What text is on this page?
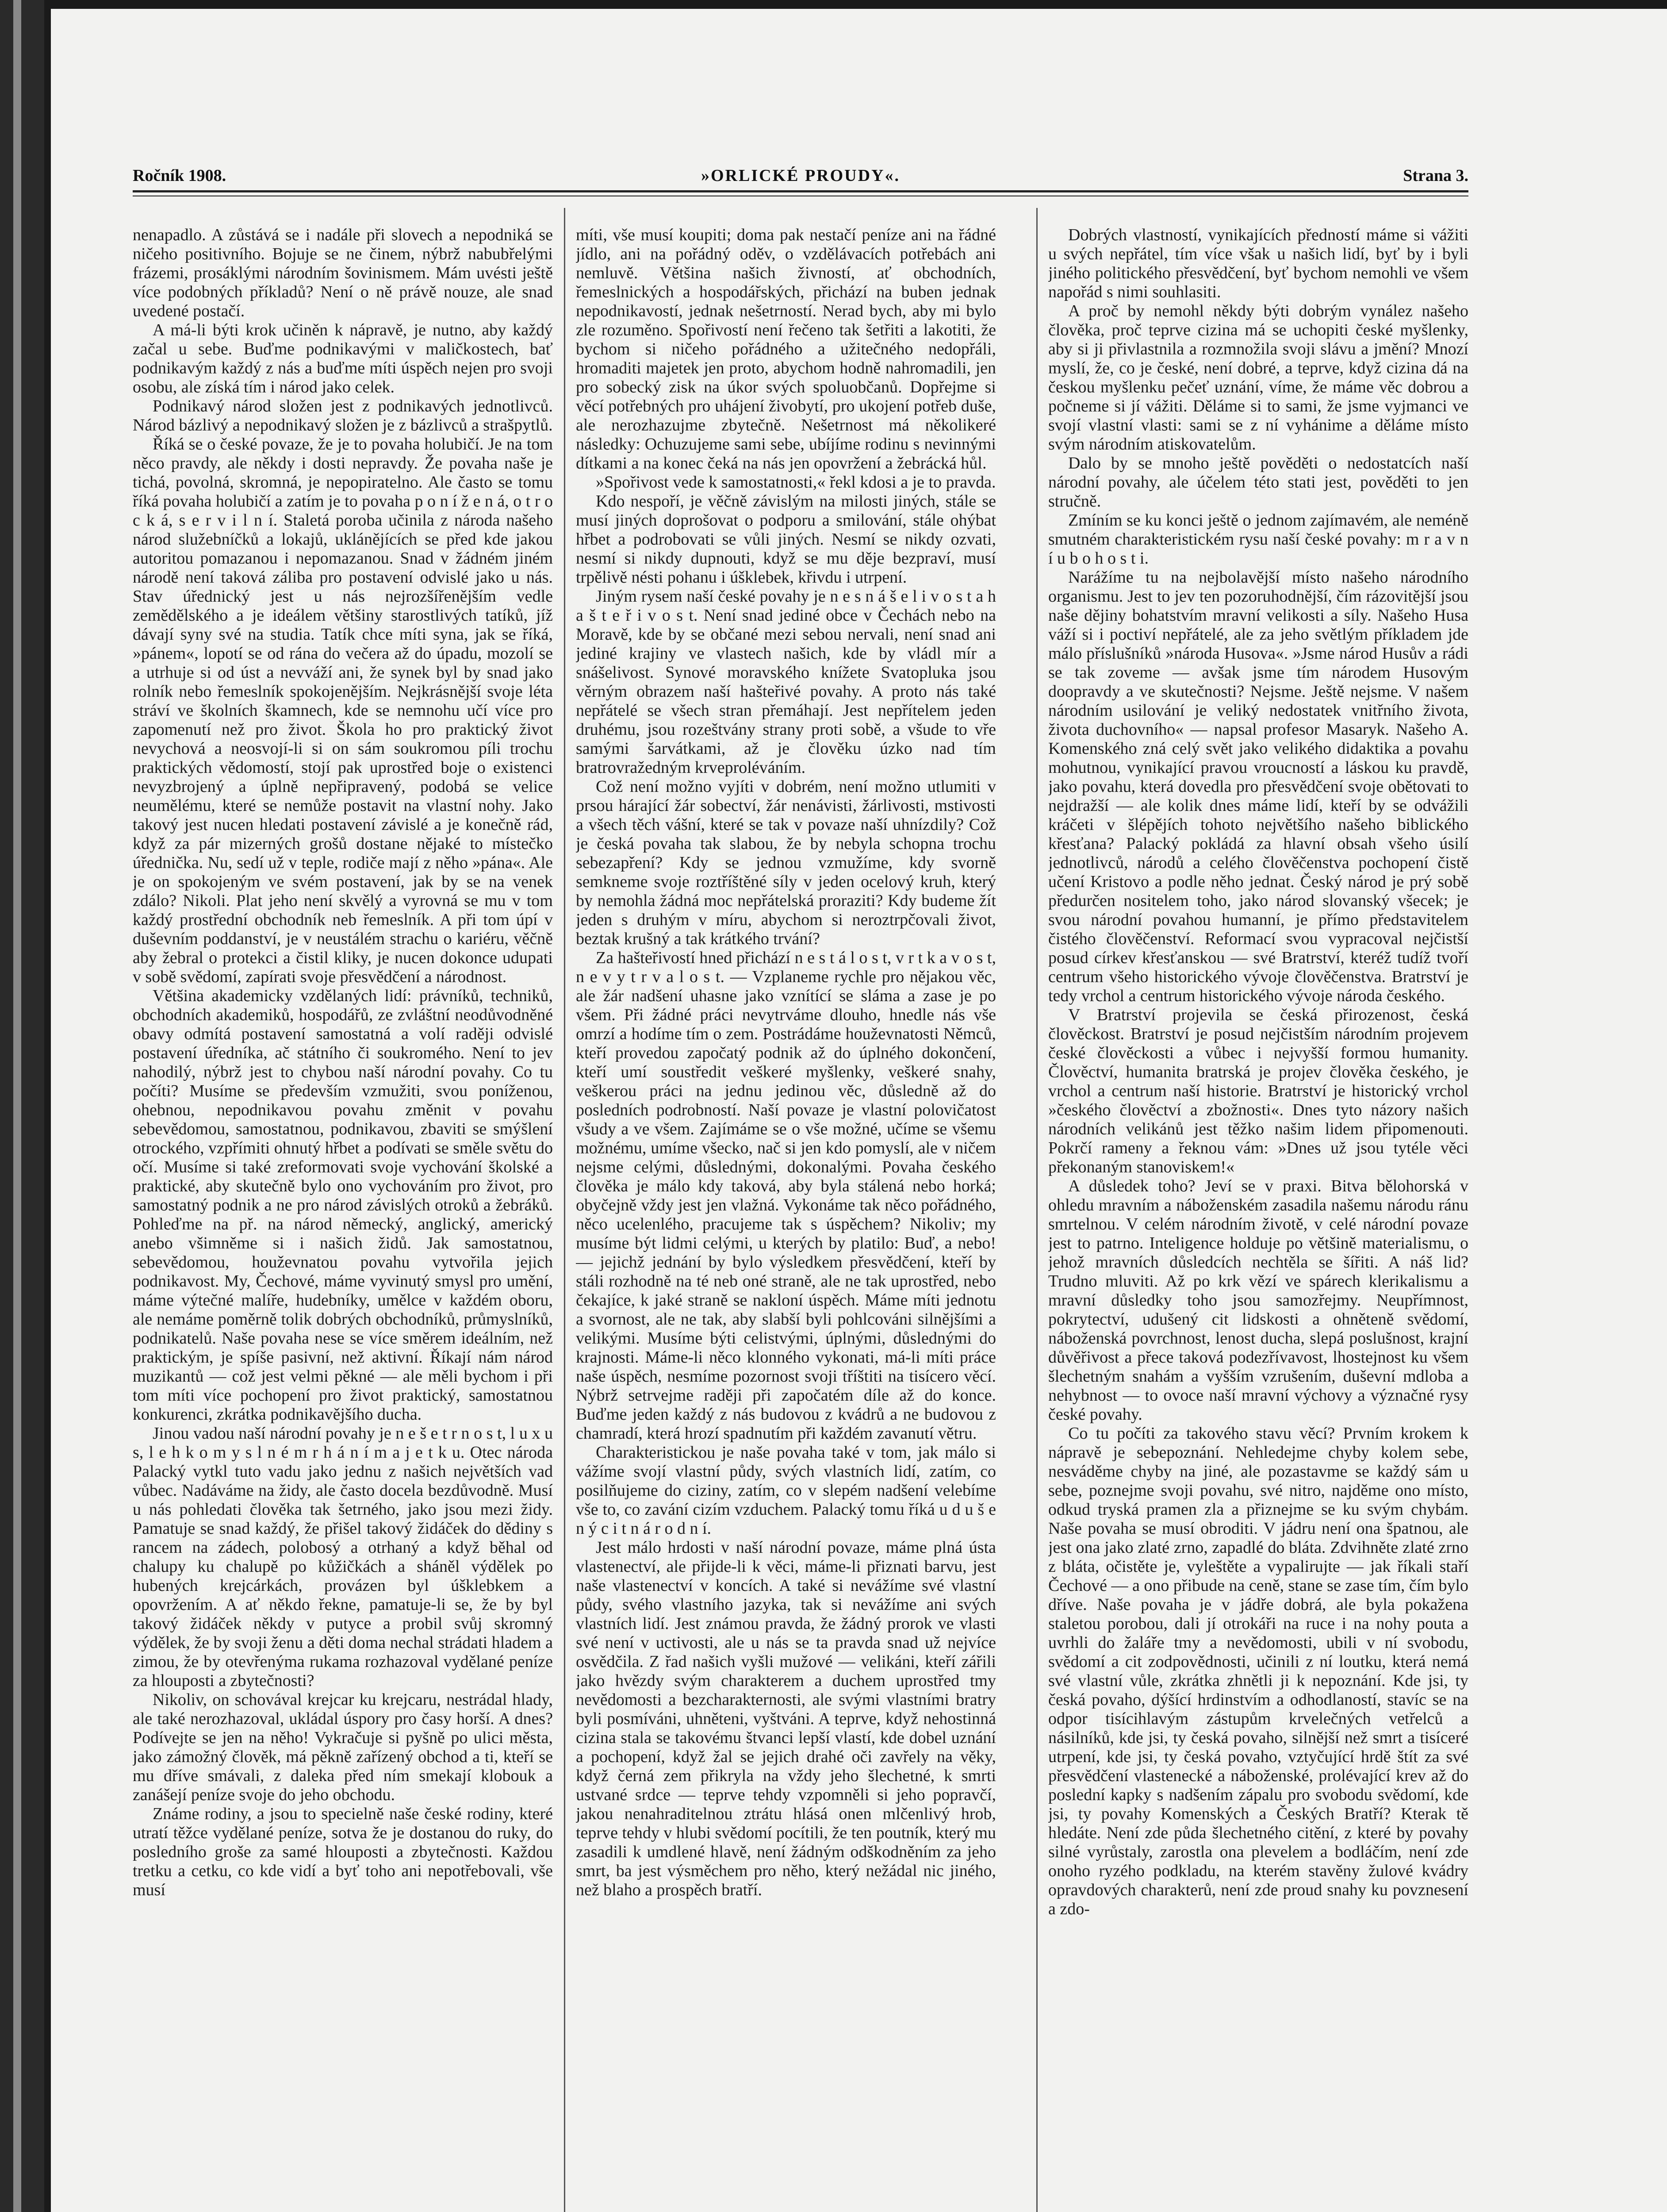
Ročník 1908.	»ORLICKÉ PROUDY«.	Strana 3.

nenapadlo. A zůstává se i nadále při slovech a nepodniká se ničeho positivního. Bojuje se ne činem, nýbrž nabubřelými frázemi, prosáklými národním šovinismem. Mám uvésti ještě více podobných příkladů? Není o ně právě nouze, ale snad uvedené postačí.

A má-li býti krok učiněn k nápravě, je nutno, aby každý začal u sebe. Buďme podnikavými v maličkostech, bať podnikavým každý z nás a buďme míti úspěch nejen pro svoji osobu, ale získá tím i národ jako celek.

Podnikavý národ složen jest z podnikavých jednotlivců. Národ bázlivý a nepodnikavý složen je z bázlivců a strašpytlů.

Říká se o české povaze, že je to povaha holubičí. Je na tom něco pravdy, ale někdy i dosti nepravdy. Že povaha naše je tichá, povolná, skromná, je nepopiratelno. Ale často se tomu říká povaha holubičí a zatím je to povaha p o n í ž e n á, o t r o c k á, s e r v i l n í. Staletá poroba učinila z národa našeho národ služebníčků a lokajů, uklánějících se před kde jakou autoritou pomazanou i nepomazanou. Snad v žádném jiném národě není taková záliba pro postavení odvislé jako u nás. Stav úřednický jest u nás nejrozšířenějším vedle zemědělského a je ideálem většiny starostlivých tatíků, jíž dávají syny své na studia. Tatík chce míti syna, jak se říká, »pánem«, lopotí se od rána do večera až do úpadu, mozolí se a utrhuje si od úst a nevváží ani, že synek byl by snad jako rolník nebo řemeslník spokojenějším. Nejkrásnější svoje léta stráví ve školních škamnech, kde se nemnohu učí více pro zapomenutí než pro život. Škola ho pro praktický život nevychová a neosvojí-li si on sám soukromou píli trochu praktických vědomostí, stojí pak uprostřed boje o existenci nevyzbrojený a úplně nepřipravený, podobá se velice neumělému, které se nemůže postavit na vlastní nohy. Jako takový jest nucen hledati postavení závislé a je konečně rád, když za pár mizerných grošů dostane nějaké to místečko úřednička. Nu, sedí už v teple, rodiče mají z něho »pána«. Ale je on spokojeným ve svém postavení, jak by se na venek zdálo? Nikoli. Plat jeho není skvělý a vyrovná se mu v tom každý prostřední obchodník neb řemeslník. A při tom úpí v duševním poddanství, je v neustálém strachu o kariéru, věčně aby žebral o protekci a čistil kliky, je nucen dokonce udupati v sobě svědomí, zapírati svoje přesvědčení a národnost.

Většina akademicky vzdělaných lidí: právníků, techniků, obchodních akademiků, hospodářů, ze zvláštní neodůvodněné obavy odmítá postavení samostatná a volí raději odvislé postavení úředníka, ač státního či soukromého. Není to jev nahodilý, nýbrž jest to chybou naší národní povahy. Co tu počíti? Musíme se především vzmužiti, svou poníženou, ohebnou, nepodnikavou povahu změnit v povahu sebevědomou, samostatnou, podnikavou, zbaviti se smýšlení otrockého, vzpřímiti ohnutý hřbet a podívati se směle světu do očí. Musíme si také zreformovati svoje vychování školské a praktické, aby skutečně bylo ono vychováním pro život, pro samostatný podnik a ne pro národ závislých otroků a žebráků. Pohleďme na př. na národ německý, anglický, americký anebo všimněme si i našich židů. Jak samostatnou, sebevědomou, houževnatou povahu vytvořila jejich podnikavost. My, Čechové, máme vyvinutý smysl pro umění, máme výtečné malíře, hudebníky, umělce v každém oboru, ale nemáme poměrně tolik dobrých obchodníků, průmyslníků, podnikatelů. Naše povaha nese se více směrem ideálním, než praktickým, je spíše pasivní, než aktivní. Říkají nám národ muzikantů — což jest velmi pěkné — ale měli bychom i při tom míti více pochopení pro život praktický, samostatnou konkurenci, zkrátka podnikavějšího ducha.

Jinou vadou naší národní povahy je n e š e t r n o s t, l u x u s, l e h k o m y s l n é m r h á n í m a j e t k u. Otec národa Palacký vytkl tuto vadu jako jednu z našich největších vad vůbec. Nadáváme na židy, ale často docela bezdůvodně. Musí u nás pohledati člověka tak šetrného, jako jsou mezi židy. Pamatuje se snad každý, že přišel takový židáček do dědiny s rancem na zádech, polobosý a otrhaný a když běhal od chalupy ku chalupě po kůžičkách a sháněl výdělek po hubených krejcárkách, provázen byl úšklebkem a opovržením. A ať někdo řekne, pamatuje-li se, že by byl takový židáček někdy v putyce a probil svůj skromný výdělek, že by svoji ženu a děti doma nechal strádati hladem a zimou, že by otevřenýma rukama rozhazoval vydělané peníze za hlouposti a zbytečnosti?

Nikoliv, on schovával krejcar ku krejcaru, nestrádal hlady, ale také nerozhazoval, ukládal úspory pro časy horší. A dnes? Podívejte se jen na něho! Vykračuje si pyšně po ulici města, jako zámožný člověk, má pěkně zařízený obchod a ti, kteří se mu dříve smávali, z daleka před ním smekají klobouk a zanášejí peníze svoje do jeho obchodu.

Známe rodiny, a jsou to specielně naše české rodiny, které utratí těžce vydělané peníze, sotva že je dostanou do ruky, do posledního groše za samé hlouposti a zbytečnosti. Každou tretku a cetku, co kde vidí a byť toho ani nepotřebovali, vše musí

míti, vše musí koupiti; doma pak nestačí peníze ani na řádné jídlo, ani na pořádný oděv, o vzdělávacích potřebách ani nemluvě. Většina našich živností, ať obchodních, řemeslnických a hospodářských, přichází na buben jednak nepodnikavostí, jednak nešetrností. Nerad bych, aby mi bylo zle rozuměno. Spořivostí není řečeno tak šetřiti a lakotiti, že bychom si ničeho pořádného a užitečného nedopřáli, hromaditi majetek jen proto, abychom hodně nahromadili, jen pro sobecký zisk na úkor svých spoluobčanů. Dopřejme si věcí potřebných pro uhájení živobytí, pro ukojení potřeb duše, ale nerozhazujme zbytečně. Nešetrnost má několikeré následky: Ochuzujeme sami sebe, ubíjíme rodinu s nevinnými dítkami a na konec čeká na nás jen opovržení a žebrácká hůl.

»Spořivost vede k samostatnosti,« řekl kdosi a je to pravda.

Kdo nespoří, je věčně závislým na milosti jiných, stále se musí jiných doprošovat o podporu a smilování, stále ohýbat hřbet a podrobovati se vůli jiných. Nesmí se nikdy ozvati, nesmí si nikdy dupnouti, když se mu děje bezpraví, musí trpělivě nésti pohanu i úšklebek, křivdu i utrpení.

Jiným rysem naší české povahy je n e s n á š e l i v o s t a h a š t e ř i v o s t. Není snad jediné obce v Čechách nebo na Moravě, kde by se občané mezi sebou nervali, není snad ani jediné krajiny ve vlastech našich, kde by vládl mír a snášelivost. Synové moravského knížete Svatopluka jsou věrným obrazem naší hašteřivé povahy. A proto nás také nepřátelé se všech stran přemáhají. Jest nepřítelem jeden druhému, jsou rozeštvány strany proti sobě, a všude to vře samými šarvátkami, až je člověku úzko nad tím bratrovražedným krveproléváním.

Což není možno vyjíti v dobrém, není možno utlumiti v prsou hárající žár sobectví, žár nenávisti, žárlivosti, mstivosti a všech těch vášní, které se tak v povaze naší uhnízdily? Což je česká povaha tak slabou, že by nebyla schopna trochu sebezapření? Kdy se jednou vzmužíme, kdy svorně semkneme svoje roztříštěné síly v jeden ocelový kruh, který by nemohla žádná moc nepřátelská proraziti? Kdy budeme žít jeden s druhým v míru, abychom si neroztrpčovali život, beztak krušný a tak krátkého trvání?

Za hašteřivostí hned přichází n e s t á l o s t, v r t k a v o s t, n e v y t r v a l o s t. — Vzplaneme rychle pro nějakou věc, ale žár nadšení uhasne jako vznítící se sláma a zase je po všem. Při žádné práci nevytrváme dlouho, hnedle nás vše omrzí a hodíme tím o zem. Postrádáme houževnatosti Němců, kteří provedou započatý podnik až do úplného dokončení, kteří umí soustředit veškeré myšlenky, veškeré snahy, veškerou práci na jednu jedinou věc, důsledně až do posledních podrobností. Naší povaze je vlastní polovičatost všudy a ve všem. Zajímáme se o vše možné, učíme se všemu možnému, umíme všecko, nač si jen kdo pomyslí, ale v ničem nejsme celými, důslednými, dokonalými. Povaha českého člověka je málo kdy taková, aby byla stálená nebo horká; obyčejně vždy jest jen vlažná. Vykonáme tak něco pořádného, něco ucelenlého, pracujeme tak s úspěchem? Nikoliv; my musíme být lidmi celými, u kterých by platilo: Buď, a nebo! — jejichž jednání by bylo výsledkem přesvědčení, kteří by stáli rozhodně na té neb oné straně, ale ne tak uprostřed, nebo čekajíce, k jaké straně se nakloní úspěch. Máme míti jednotu a svornost, ale ne tak, aby slabší byli pohlcováni silnějšími a velikými. Musíme býti celistvými, úplnými, důslednými do krajnosti. Máme-li něco klonného vykonati, má-li míti práce naše úspěch, nesmíme pozornost svoji tříštiti na tisícero věcí. Nýbrž setrvejme raději při započatém díle až do konce. Buďme jeden každý z nás budovou z kvádrů a ne budovou z chamradí, která hrozí spadnutím při každém zavanutí větru.

Charakteristickou je naše povaha také v tom, jak málo si vážíme svojí vlastní půdy, svých vlastních lidí, zatím, co posilňujeme do ciziny, zatím, co v slepém nadšení velebíme vše to, co zavání cizím vzduchem. Palacký tomu říká u d u š e n ý c i t n á r o d n í.

Jest málo hrdosti v naší národní povaze, máme plná ústa vlastenectví, ale přijde-li k věci, máme-li přiznati barvu, jest naše vlastenectví v koncích. A také si nevážíme své vlastní půdy, svého vlastního jazyka, tak si nevážíme ani svých vlastních lidí. Jest známou pravda, že žádný prorok ve vlasti své není v uctivosti, ale u nás se ta pravda snad už nejvíce osvědčila. Z řad našich vyšli mužové — velikáni, kteří zářili jako hvězdy svým charakterem a duchem uprostřed tmy nevědomosti a bezcharakternosti, ale svými vlastními bratry byli posmíváni, uhněteni, vyštváni. A teprve, když nehostinná cizina stala se takovému štvanci lepší vlastí, kde dobel uznání a pochopení, když žal se jejich drahé oči zavřely na věky, když černá zem přikryla na vždy jeho šlechetné, k smrti ustvané srdce — teprve tehdy vzpomněli si jeho popravčí, jakou nenahraditelnou ztrátu hlásá onen mlčenlivý hrob, teprve tehdy v hlubi svědomí pocítili, že ten poutník, který mu zasadili k umdlené hlavě, není žádným odškodněním za jeho smrt, ba jest výsměchem pro něho, který nežádal nic jiného, než blaho a prospěch bratří.

Dobrých vlastností, vynikajících předností máme si vážiti u svých nepřátel, tím více však u našich lidí, byť by i byli jiného politického přesvědčení, byť bychom nemohli ve všem napořád s nimi souhlasiti.

A proč by nemohl někdy býti dobrým vynález našeho člověka, proč teprve cizina má se uchopiti české myšlenky, aby si ji přivlastnila a rozmnožila svoji slávu a jmění? Mnozí myslí, že, co je české, není dobré, a teprve, když cizina dá na českou myšlenku pečeť uznání, víme, že máme věc dobrou a počneme si jí vážiti. Děláme si to sami, že jsme vyjmanci ve svojí vlastní vlasti: sami se z ní vyhánime a děláme místo svým národním atiskovatelům.

Dalo by se mnoho ještě pověděti o nedostatcích naší národní povahy, ale účelem této stati jest, pověděti to jen stručně.

Zmíním se ku konci ještě o jednom zajímavém, ale neméně smutném charakteristickém rysu naší české povahy: m r a v n í u b o h o s t i.

Narážíme tu na nejbolavější místo našeho národního organismu. Jest to jev ten pozoruhodnější, čím rázovitější jsou naše dějiny bohatstvím mravní velikosti a síly. Našeho Husa váží si i poctiví nepřátelé, ale za jeho světlým příkladem jde málo příslušníků »národa Husova«. »Jsme národ Husův a rádi se tak zoveme — avšak jsme tím národem Husovým doopravdy a ve skutečnosti? Nejsme. Ještě nejsme. V našem národním usilování je veliký nedostatek vnitřního života, života duchovního« — napsal profesor Masaryk. Našeho A. Komenského zná celý svět jako velikého didaktika a povahu mohutnou, vynikající pravou vroucností a láskou ku pravdě, jako povahu, která dovedla pro přesvědčení svoje obětovati to nejdražší — ale kolik dnes máme lidí, kteří by se odvážili kráčeti v šlépějích tohoto největšího našeho biblického křesťana? Palacký pokládá za hlavní obsah všeho úsilí jednotlivců, národů a celého člověčenstva pochopení čistě učení Kristovo a podle něho jednat. Český národ je prý sobě předurčen nositelem toho, jako národ slovanský všecek; je svou národní povahou humanní, je přímo představitelem čistého člověčenství. Reformací svou vypracoval nejčistší posud církev křesťanskou — své Bratrství, kteréž tudíž tvoří centrum všeho historického vývoje člověčenstva. Bratrství je tedy vrchol a centrum historického vývoje národa českého.

V Bratrství projevila se česká přirozenost, česká člověckost. Bratrství je posud nejčistším národním projevem české člověckosti a vůbec i nejvyšší formou humanity. Člověctví, humanita bratrská je projev člověka českého, je vrchol a centrum naší historie. Bratrství je historický vrchol »českého člověctví a zbožnosti«. Dnes tyto názory našich národních velikánů jest těžko našim lidem připomenouti. Pokrčí rameny a řeknou vám: »Dnes už jsou tytéle věci překonaným stanoviskem!«

A důsledek toho? Jeví se v praxi. Bitva bělohorská v ohledu mravním a náboženském zasadila našemu národu ránu smrtelnou. V celém národním životě, v celé národní povaze jest to patrno. Inteligence holduje po většině materialismu, o jehož mravních důsledcích nechtěla se šířiti. A náš lid? Trudno mluviti. Až po krk vězí ve spárech klerikalismu a mravní důsledky toho jsou samozřejmy. Neupřímnost, pokrytectví, udušený cit lidskosti a ohněteně svědomí, náboženská povrchnost, lenost ducha, slepá poslušnost, krajní důvěřivost a přece taková podezřívavost, lhostejnost ku všem šlechetným snahám a vyšším vzrušením, duševní mdloba a nehybnost — to ovoce naší mravní výchovy a význačné rysy české povahy.

Co tu počíti za takového stavu věcí? Prvním krokem k nápravě je sebepoznání. Nehledejme chyby kolem sebe, nesváděme chyby na jiné, ale pozastavme se každý sám u sebe, poznejme svoji povahu, své nitro, najděme ono místo, odkud tryská pramen zla a přiznejme se ku svým chybám. Naše povaha se musí obroditi. V jádru není ona špatnou, ale jest ona jako zlaté zrno, zapadlé do bláta. Zdvihněte zlaté zrno z bláta, očistěte je, vyleštěte a vypalirujte — jak říkali staří Čechové — a ono přibude na ceně, stane se zase tím, čím bylo dříve. Naše povaha je v jádře dobrá, ale byla pokažena staletou porobou, dali jí otrokáři na ruce i na nohy pouta a uvrhli do žaláře tmy a nevědomosti, ubili v ní svobodu, svědomí a cit zodpovědnosti, učinili z ní loutku, která nemá své vlastní vůle, zkrátka zhnětli ji k nepoznání. Kde jsi, ty česká povaho, dýšící hrdinstvím a odhodlaností, stavíc se na odpor tisícihlavým zástupům krvelečných vetřelců a násilníků, kde jsi, ty česká povaho, silnější než smrt a tisíceré utrpení, kde jsi, ty česká povaho, vztyčující hrdě štít za své přesvědčení vlastenecké a náboženské, prolévající krev až do poslední kapky s nadšením zápalu pro svobodu svědomí, kde jsi, ty povahy Komenských a Českých Bratří? Kterak tě hledáte. Není zde půda šlechetného citění, z které by povahy silné vyrůstaly, zarostla ona plevelem a bodláčím, není zde onoho ryzého podkladu, na kterém stavěny žulové kvádry opravdových charakterů, není zde proud snahy ku povznesení a zdo-
